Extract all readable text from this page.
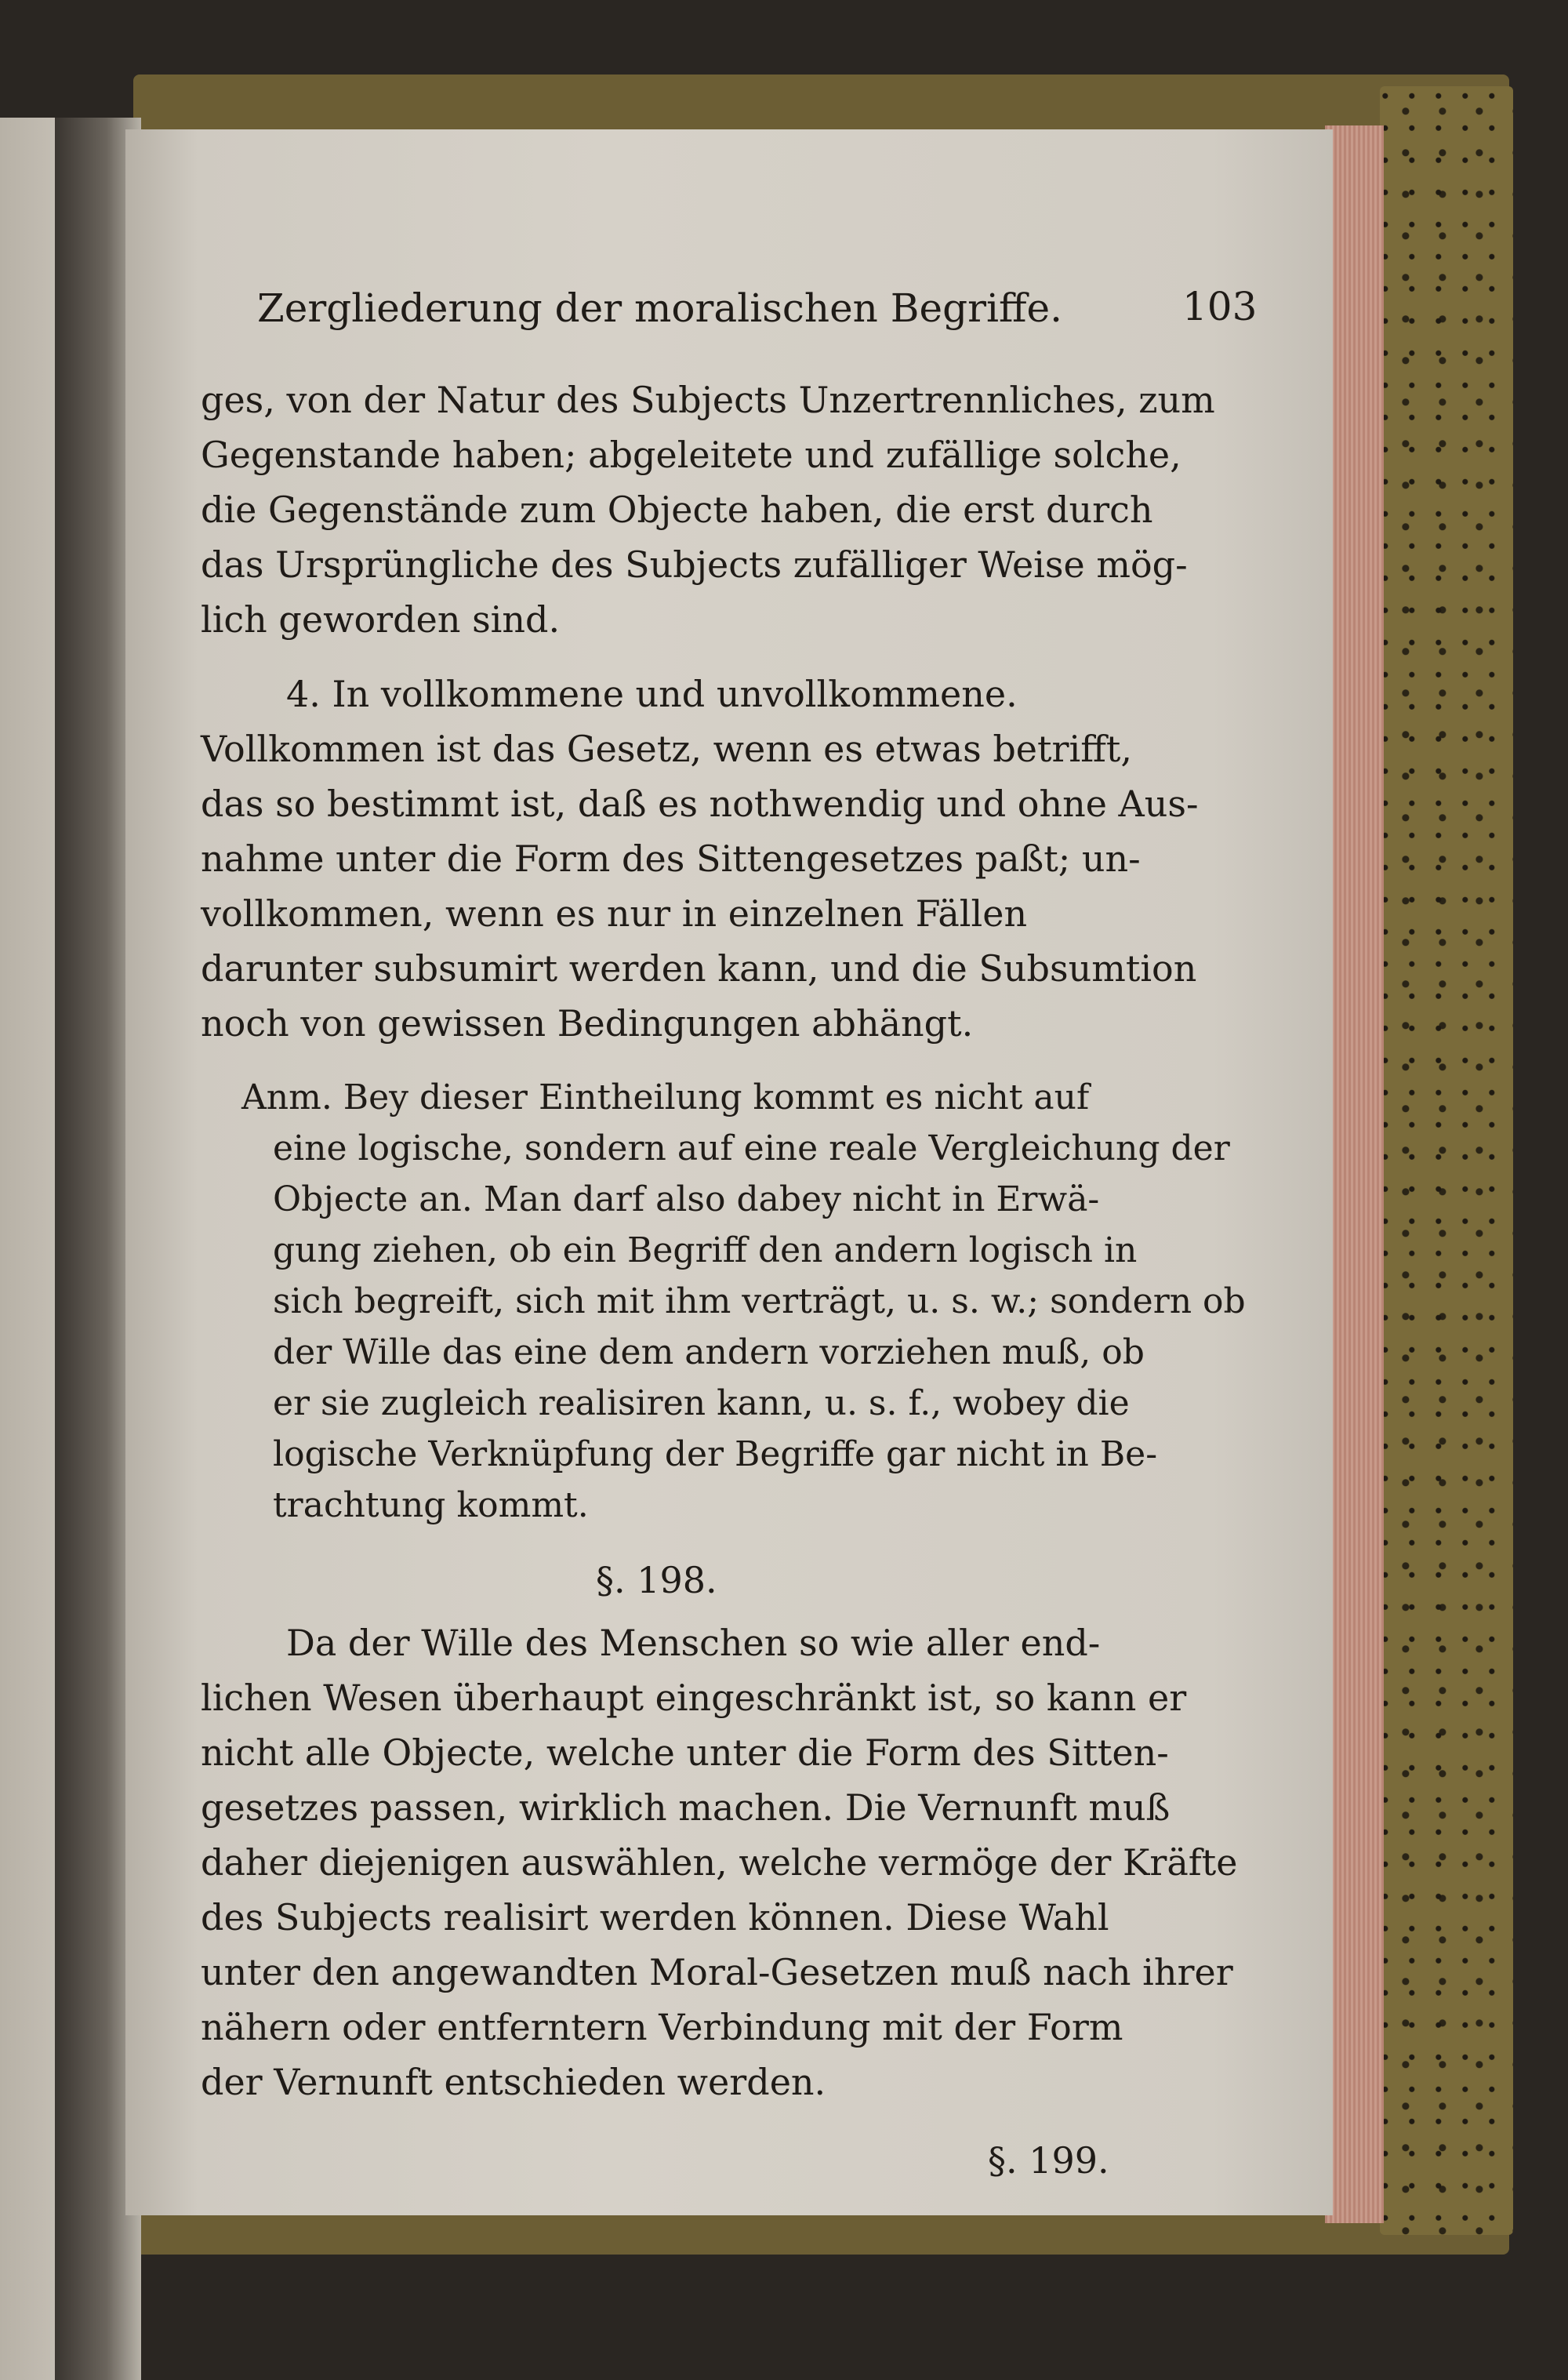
Zergliederung der moralischen Begriffe.	103

ges, von der Natur des Subjects Unzertrennliches, zum

Gegenstande haben; abgeleitete und zufällige solche,

die Gegenstände zum Objecte haben, die erst durch

das Ursprüngliche des Subjects zufälliger Weise mög-

lich geworden sind.

4. In vollkommene und unvollkommene.

Vollkommen ist das Gesetz, wenn es etwas betrifft,

das so bestimmt ist, daß es nothwendig und ohne Aus-

nahme unter die Form des Sittengesetzes paßt; un-

vollkommen, wenn es nur in einzelnen Fällen

darunter subsumirt werden kann, und die Subsumtion

noch von gewissen Bedingungen abhängt.

Anm. Bey dieser Eintheilung kommt es nicht auf

eine logische, sondern auf eine reale Vergleichung der

Objecte an. Man darf also dabey nicht in Erwä-

gung ziehen, ob ein Begriff den andern logisch in

sich begreift, sich mit ihm verträgt, u. s. w.; sondern ob

der Wille das eine dem andern vorziehen muß, ob

er sie zugleich realisiren kann, u. s. f., wobey die

logische Verknüpfung der Begriffe gar nicht in Be-

trachtung kommt.

§. 198.

Da der Wille des Menschen so wie aller end-

lichen Wesen überhaupt eingeschränkt ist, so kann er

nicht alle Objecte, welche unter die Form des Sitten-

gesetzes passen, wirklich machen. Die Vernunft muß

daher diejenigen auswählen, welche vermöge der Kräfte

des Subjects realisirt werden können. Diese Wahl

unter den angewandten Moral-Gesetzen muß nach ihrer

nähern oder entferntern Verbindung mit der Form

der Vernunft entschieden werden.

§. 199.
